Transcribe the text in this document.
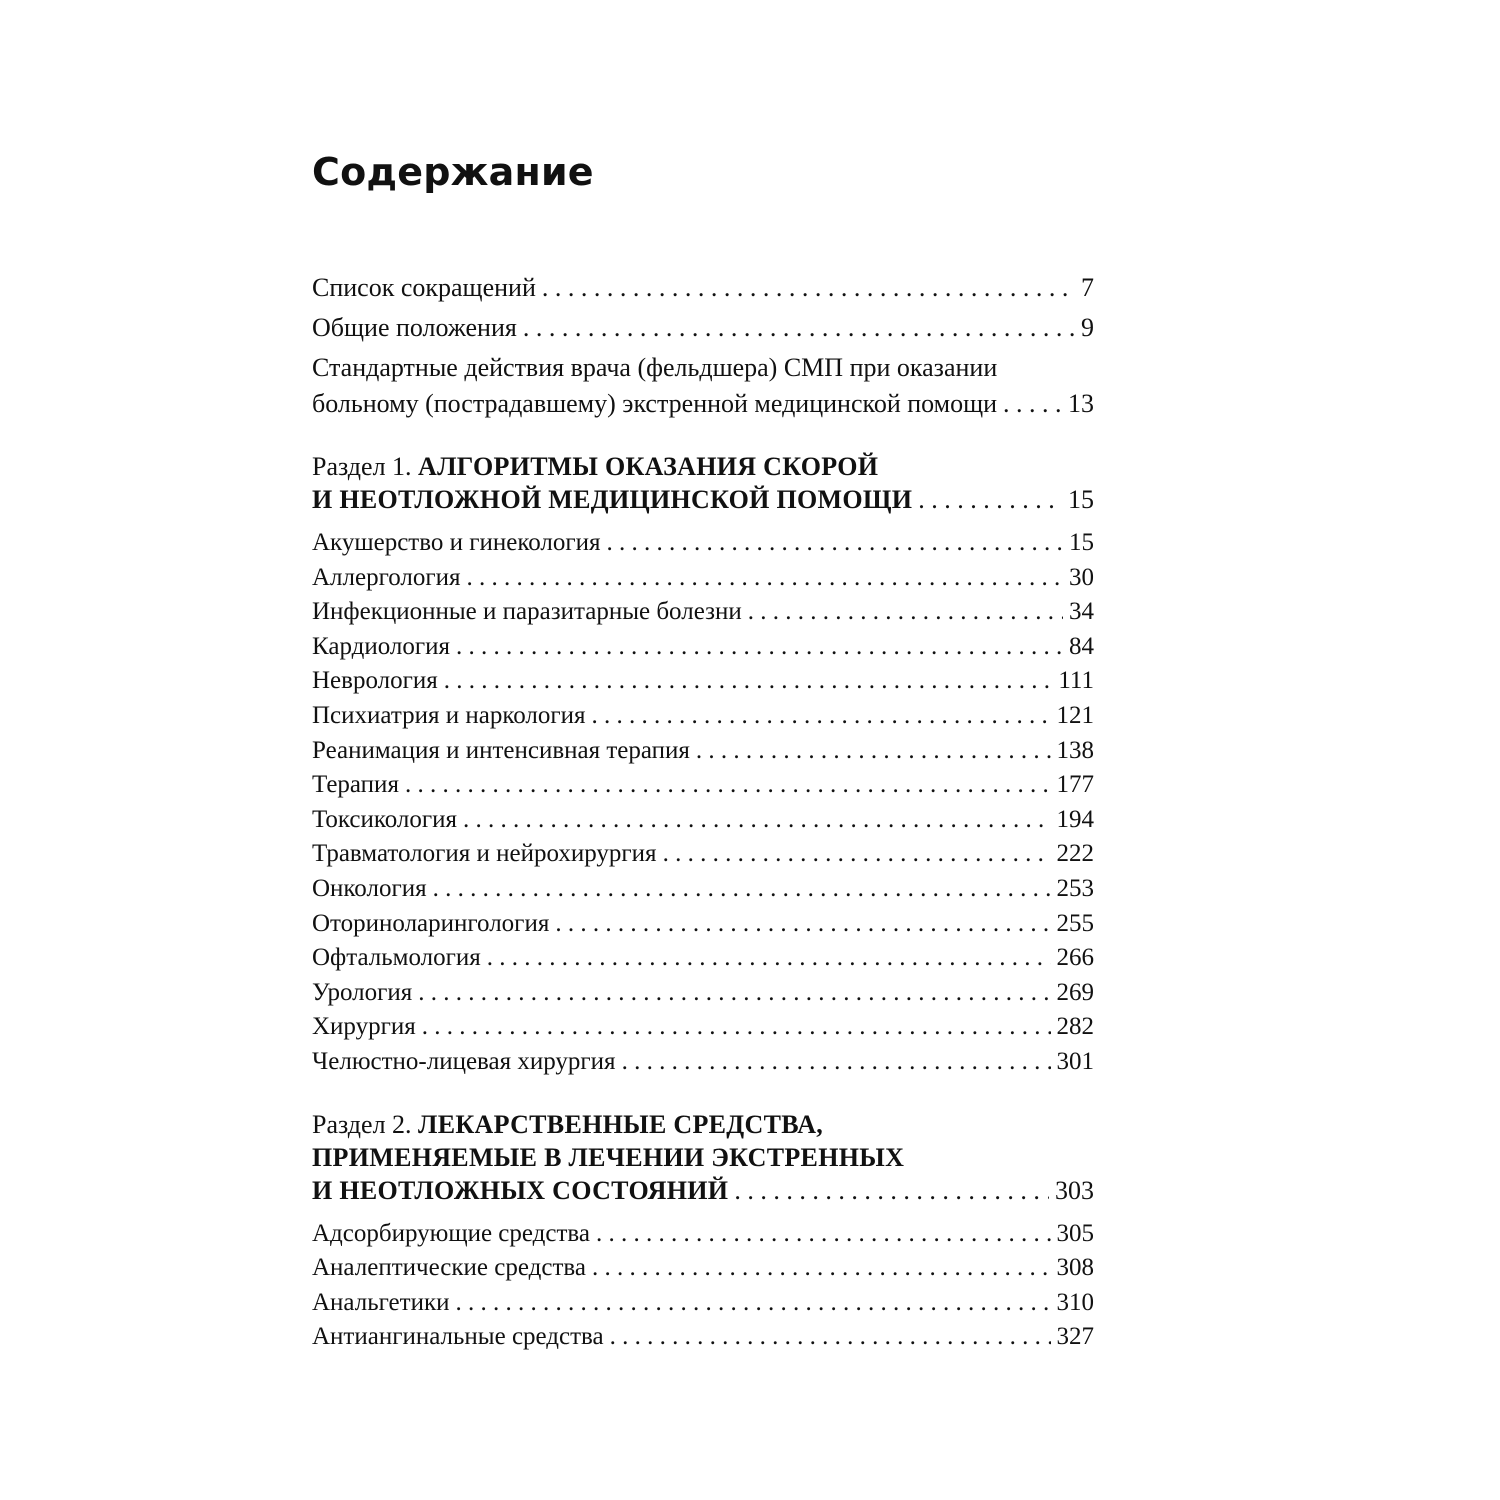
Содержание
Список сокращений . . .	7
Общие положения . . .	9
Стандартные действия врача (фельдшера) СМП при оказании
больному (пострадавшему) экстренной медицинской помощи . . .	13
Раздел 1. АЛГОРИТМЫ ОКАЗАНИЯ СКОРОЙ
И НЕОТЛОЖНОЙ МЕДИЦИНСКОЙ ПОМОЩИ . . .	15
Акушерство и гинекология . . .	15
Аллергология . . .	30
Инфекционные и паразитарные болезни . . .	34
Кардиология . . .	84
Неврология . . .	111
Психиатрия и наркология . . .	121
Реанимация и интенсивная терапия . . .	138
Терапия . . .	177
Токсикология . . .	194
Травматология и нейрохирургия . . .	222
Онкология . . .	253
Оториноларингология . . .	255
Офтальмология . . .	266
Урология . . .	269
Хирургия . . .	282
Челюстно-лицевая хирургия . . .	301
Раздел 2. ЛЕКАРСТВЕННЫЕ СРЕДСТВА,
ПРИМЕНЯЕМЫЕ В ЛЕЧЕНИИ ЭКСТРЕННЫХ
И НЕОТЛОЖНЫХ СОСТОЯНИЙ . . .	303
Адсорбирующие средства . . .	305
Аналептические средства . . .	308
Анальгетики . . .	310
Антиангинальные средства . . .	327
